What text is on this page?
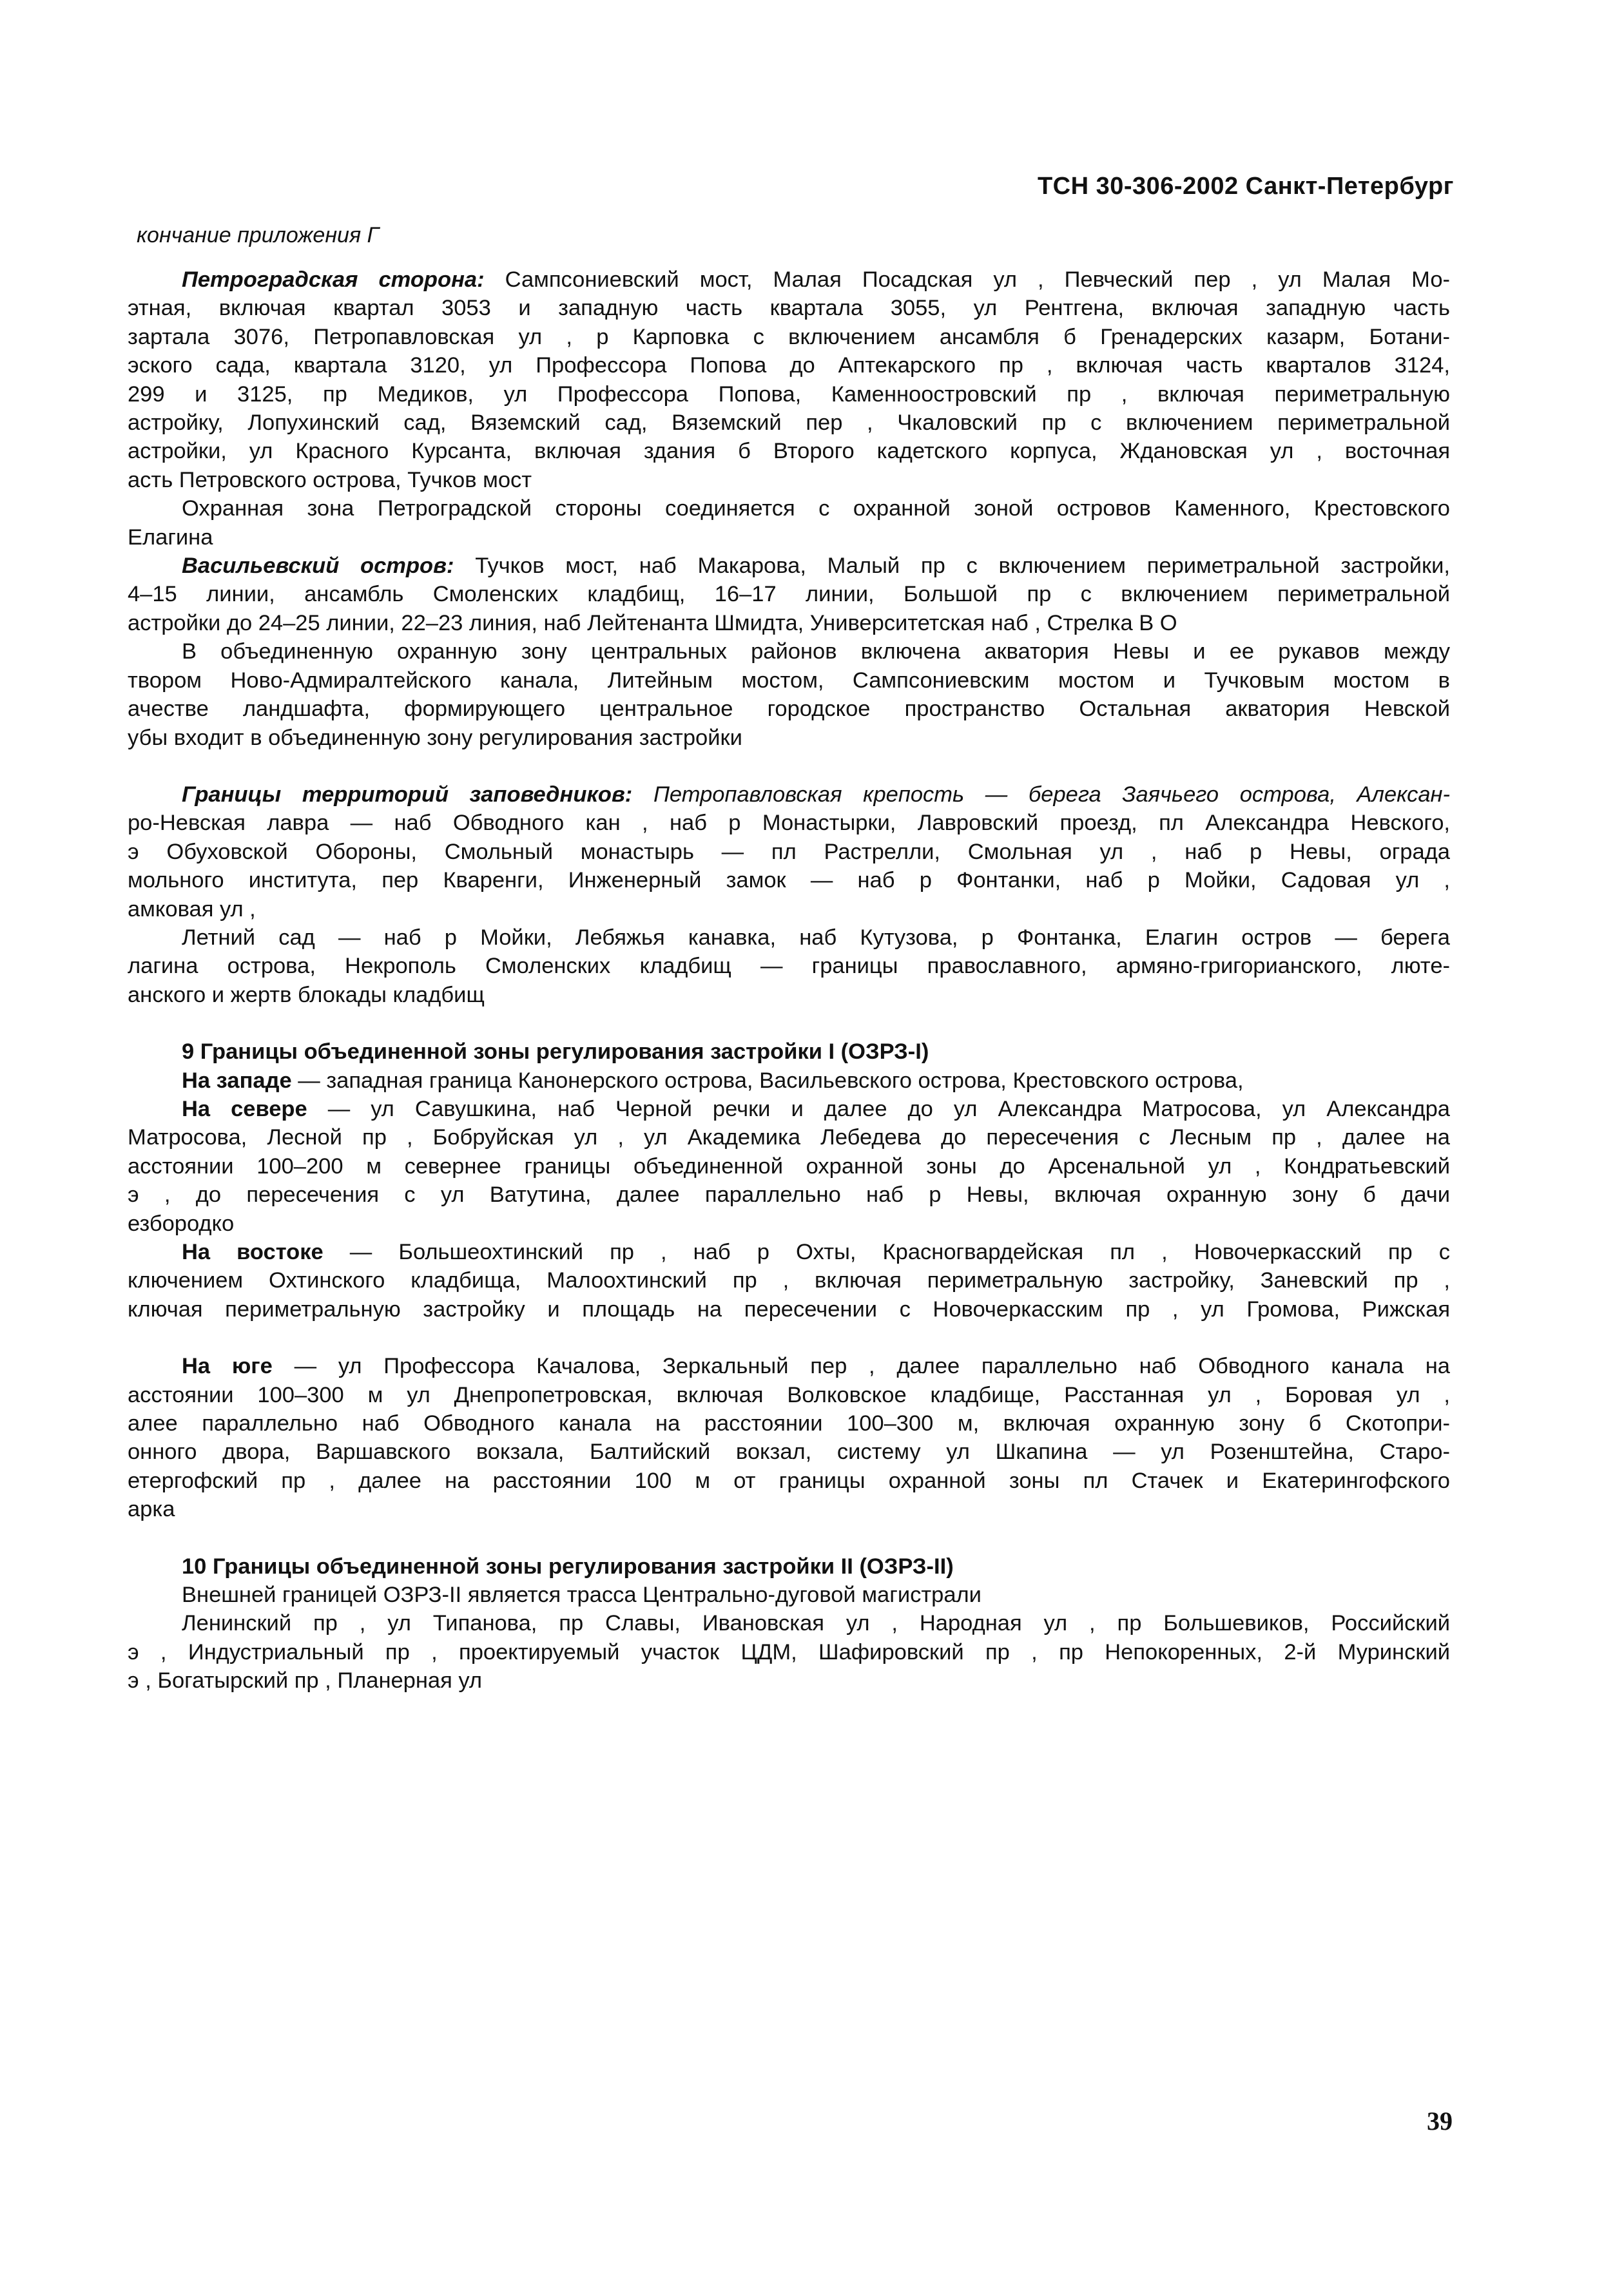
ТСН 30-306-2002 Санкт-Петербург
кончание приложения Г
Петроградская сторона: Сампсониевский мост, Малая Посадская ул , Певческий пер , ул Малая Мо-
этная, включая квартал 3053 и западную часть квартала 3055, ул Рентгена, включая западную часть
зартала 3076, Петропавловская ул , р Карповка с включением ансамбля б Гренадерских казарм, Ботани-
эского сада, квартала 3120, ул Профессора Попова до Аптекарского пр , включая часть кварталов 3124,
299 и 3125, пр Медиков, ул Профессора Попова, Каменноостровский пр , включая периметральную
астройку, Лопухинский сад, Вяземский сад, Вяземский пер , Чкаловский пр с включением периметральной
астройки, ул Красного Курсанта, включая здания б Второго кадетского корпуса, Ждановская ул , восточная
асть Петровского острова, Тучков мост
Охранная зона Петроградской стороны соединяется с охранной зоной островов Каменного, Крестовского
Елагина
Васильевский остров: Тучков мост, наб Макарова, Малый пр с включением периметральной застройки,
4–15 линии, ансамбль Смоленских кладбищ, 16–17 линии, Бoльшой пр с включением периметральной
астройки до 24–25 линии, 22–23 линия, наб Лейтенанта Шмидта, Университетская наб , Стрелка В О
В объединенную охранную зону центральных районов включена акватория Невы и ее рукавов между
твором Ново-Адмиралтейского канала, Литейным мостом, Сампсониевским мостом и Тучковым мостом в
ачестве ландшафта, формирующего центральное городское пространство Остальная акватория Невской
убы входит в объединенную зону регулирования застройки
Границы территорий заповедников: Петропавловская крепость — берега Заячьего острова, Алексан-
ро-Невская лавра — наб Обводного кан , наб р Монастырки, Лавровский проезд, пл Александра Невского,
э Обуховской Обороны, Смольный монастырь — пл Растрелли, Смольная ул , наб р Невы, ограда
мольного института, пер Кваренги, Инженерный замок — наб р Фонтанки, наб р Мойки, Садовая ул ,
амковая ул ,
Летний сад — наб р Мойки, Лебяжья канавка, наб Кутузова, р Фонтанка, Елагин остров — берега
лагина острова, Некрополь Смоленских кладбищ — границы православного, армяно-григорианского, люте-
анского и жертв блокады кладбищ
9 Границы объединенной зоны регулирования застройки I (ОЗРЗ-I)
На западе — западная граница Канонерского острова, Васильевского острова, Крестовского острова,
На севере — ул Савушкина, наб Черной речки и далее до ул Александра Матросова, ул Александра
Матросова, Лесной пр , Бобруйская ул , ул Академика Лебедева до пересечения с Лесным пр , далее на
асстоянии 100–200 м севернее границы объединенной охранной зоны до Арсенальной ул , Кондратьевский
э , до пересечения с ул Ватутина, далее параллельно наб р Невы, включая охранную зону б дачи
езбородко
На востоке — Большеохтинский пр , наб р Охты, Красногвардейская пл , Новочеркасский пр с
ключением Охтинского кладбища, Малоохтинский пр , включая периметральную застройку, Заневский пр ,
ключая периметральную застройку и площадь на пересечении с Новочеркасским пр , ул Громова, Рижская
На юге — ул Профессора Качалова, Зеркальный пер , далее параллельно наб Обводного канала на
асстоянии 100–300 м ул Днепропетровская, включая Волковское кладбище, Расстанная ул , Боровая ул ,
алее параллельно наб Обводного канала на расстоянии 100–300 м, включая охранную зону б Скотопри-
онного двора, Варшавского вокзала, Балтийский вокзал, систему ул Шкапина — ул Розенштейна, Старо-
етергофский пр , далее на расстоянии 100 м от границы охранной зоны пл Стачек и Екатерингофского
арка
10 Границы объединенной зоны регулирования застройки II (ОЗРЗ-II)
Внешней границей ОЗРЗ-II является трасса Центрально-дуговой магистрали
Ленинский пр , ул Типанова, пр Славы, Ивановская ул , Народная ул , пр Большевиков, Российский
э , Индустриальный пр , проектируемый участок ЦДМ, Шафировский пр , пр Непокоренных, 2-й Муринский
э , Богатырский пр , Планерная ул
39
